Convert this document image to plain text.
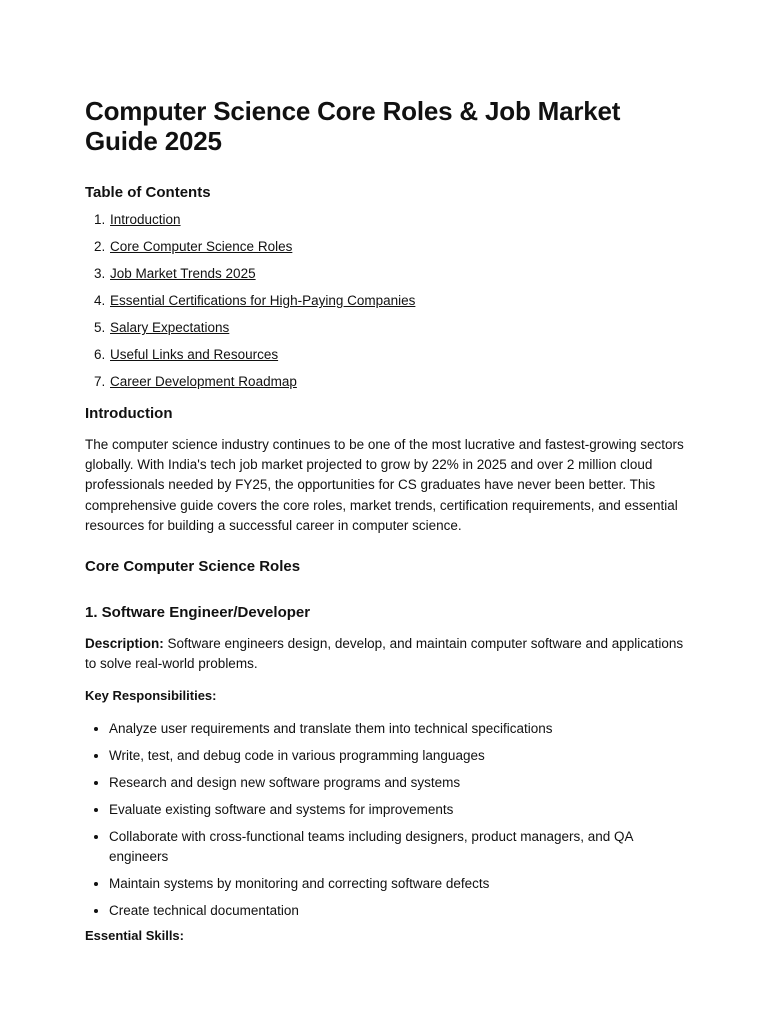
Computer Science Core Roles & Job Market Guide 2025
Table of Contents
1. Introduction
2. Core Computer Science Roles
3. Job Market Trends 2025
4. Essential Certifications for High-Paying Companies
5. Salary Expectations
6. Useful Links and Resources
7. Career Development Roadmap
Introduction

The computer science industry continues to be one of the most lucrative and fastest-growing sectors globally. With India's tech job market projected to grow by 22% in 2025 and over 2 million cloud professionals needed by FY25, the opportunities for CS graduates have never been better. This comprehensive guide covers the core roles, market trends, certification requirements, and essential resources for building a successful career in computer science.

Core Computer Science Roles
1. Software Engineer/Developer

Description: Software engineers design, develop, and maintain computer software and applications to solve real-world problems.

Key Responsibilities:
• Analyze user requirements and translate them into technical specifications
• Write, test, and debug code in various programming languages
• Research and design new software programs and systems
• Evaluate existing software and systems for improvements
• Collaborate with cross-functional teams including designers, product managers, and QA engineers
• Maintain systems by monitoring and correcting software defects
• Create technical documentation
Essential Skills:
